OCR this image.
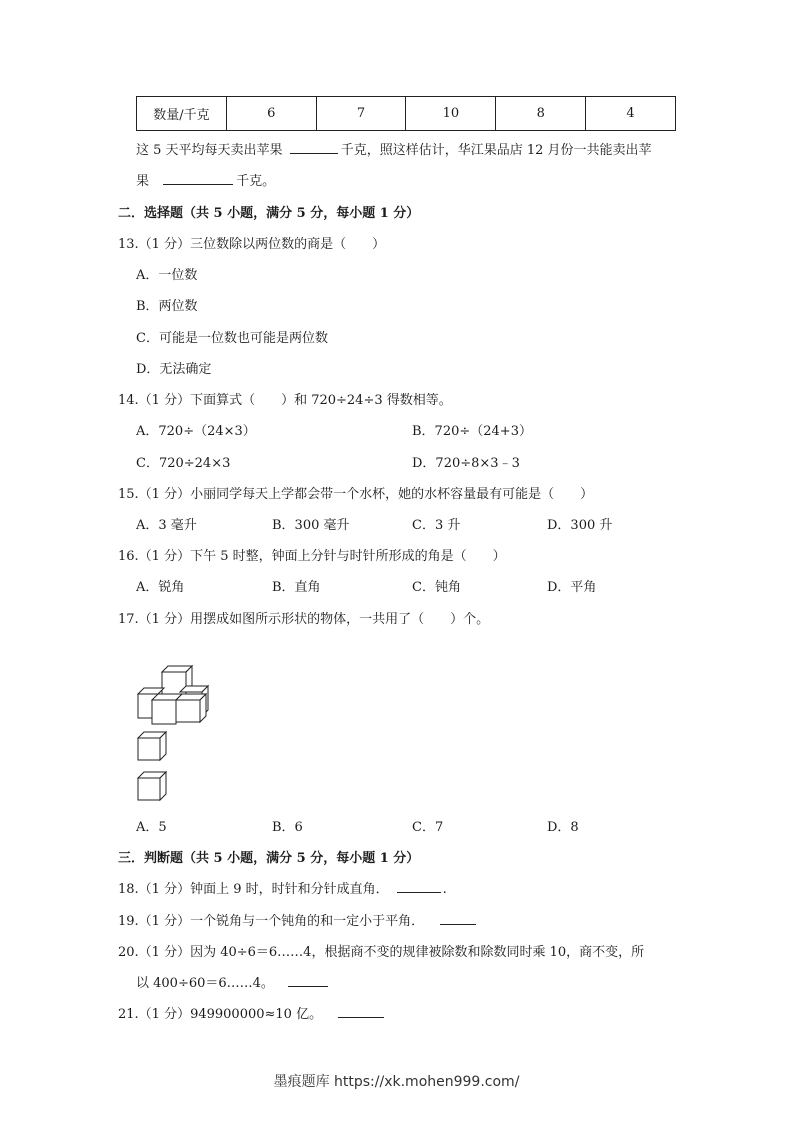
数量/千克	6	7	10	8	4
这 5 天平均每天卖出苹果	千克，照这样估计，华江果品店 12 月份一共能卖出苹
果	千克。
二．选择题（共 5 小题，满分 5 分，每小题 1 分）
13.（1 分）三位数除以两位数的商是（　　）
A．一位数
B．两位数
C．可能是一位数也可能是两位数
D．无法确定
14.（1 分）下面算式（　　）和 720÷24÷3 得数相等。
A．720÷（24×3）	B．720÷（24+3）
C．720÷24×3	D．720÷8×3﹣3
15.（1 分）小丽同学每天上学都会带一个水杯，她的水杯容量最有可能是（　　）
A．3 毫升	B．300 毫升	C．3 升	D．300 升
16.（1 分）下午 5 时整，钟面上分针与时针所形成的角是（　　）
A．锐角	B．直角	C．钝角	D．平角
17.（1 分）用摆成如图所示形状的物体，一共用了（　　）个。
A．5	B．6	C．7	D．8
三．判断题（共 5 小题，满分 5 分，每小题 1 分）
18.（1 分）钟面上 9 时，时针和分针成直角．	.
19.（1 分）一个锐角与一个钝角的和一定小于平角．
20.（1 分）因为 40÷6＝6……4，根据商不变的规律被除数和除数同时乘 10，商不变，所
以 400÷60＝6……4。
21.（1 分）949900000≈10 亿。
墨痕题库 https://xk.mohen999.com/
